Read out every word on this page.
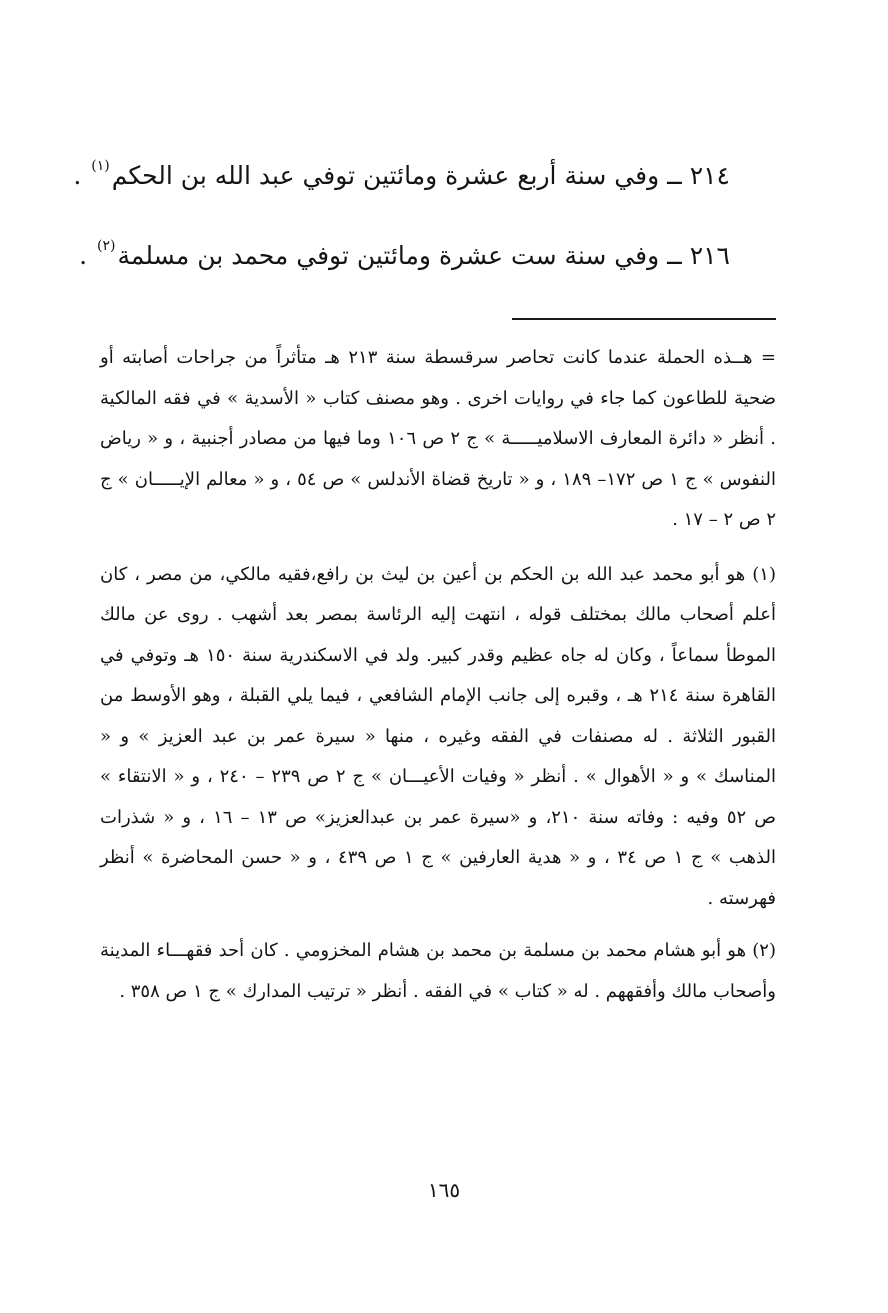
٢١٤ ــ وفي سنة أربع عشرة ومائتين توفي عبد الله بن الحكم$^{(١)}$ .
٢١٦ ــ وفي سنة ست عشرة ومائتين توفي محمد بن مسلمة$^{(٢)}$ .

= هــذه الحملة عندما كانت تحاصر سرقسطة سنة ٢١٣ هـ متأثراً من جراحات أصابته أو ضحية للطاعون كما جاء في روايات اخرى . وهو مصنف كتاب « الأسدية » في فقه المالكية . أنظر « دائرة المعارف الاسلاميـــــة » ج ٢ ص ١٠٦ وما فيها من مصادر أجنبية ، و « رياض النفوس » ج ١ ص ١٧٢– ١٨٩ ، و « تاريخ قضاة الأندلس » ص ٥٤ ، و « معالم الإيـــــان » ج ٢ ص ٢ – ١٧ .

(١) هو أبو محمد عبد الله بن الحكم بن أعين بن ليث بن رافع،فقيه مالكي، من مصر ، كان أعلم أصحاب مالك بمختلف قوله ، انتهت إليه الرئاسة بمصر بعد أشهب . روى عن مالك الموطأ سماعاً ، وكان له جاه عظيم وقدر كبير. ولد في الاسكندرية سنة ١٥٠ هـ وتوفي في القاهرة سنة ٢١٤ هـ ، وقبره إلى جانب الإمام الشافعي ، فيما يلي القبلة ، وهو الأوسط من القبور الثلاثة . له مصنفات في الفقه وغيره ، منها « سيرة عمر بن عبد العزيز » و « المناسك » و « الأهوال » . أنظر « وفيات الأعيـــان » ج ٢ ص ٢٣٩ – ٢٤٠ ، و « الانتقاء » ص ٥٢ وفيه : وفاته سنة ٢١٠، و «سيرة عمر بن عبدالعزيز» ص ١٣ – ١٦ ، و « شذرات الذهب » ج ١ ص ٣٤ ، و « هدية العارفين » ج ١ ص ٤٣٩ ، و « حسن المحاضرة » أنظر فهرسته .

(٢) هو أبو هشام محمد بن مسلمة بن محمد بن هشام المخزومي . كان أحد فقهـــاء المدينة وأصحاب مالك وأفقههم . له « كتاب » في الفقه . أنظر « ترتيب المدارك » ج ١ ص ٣٥٨ .

١٦٥
